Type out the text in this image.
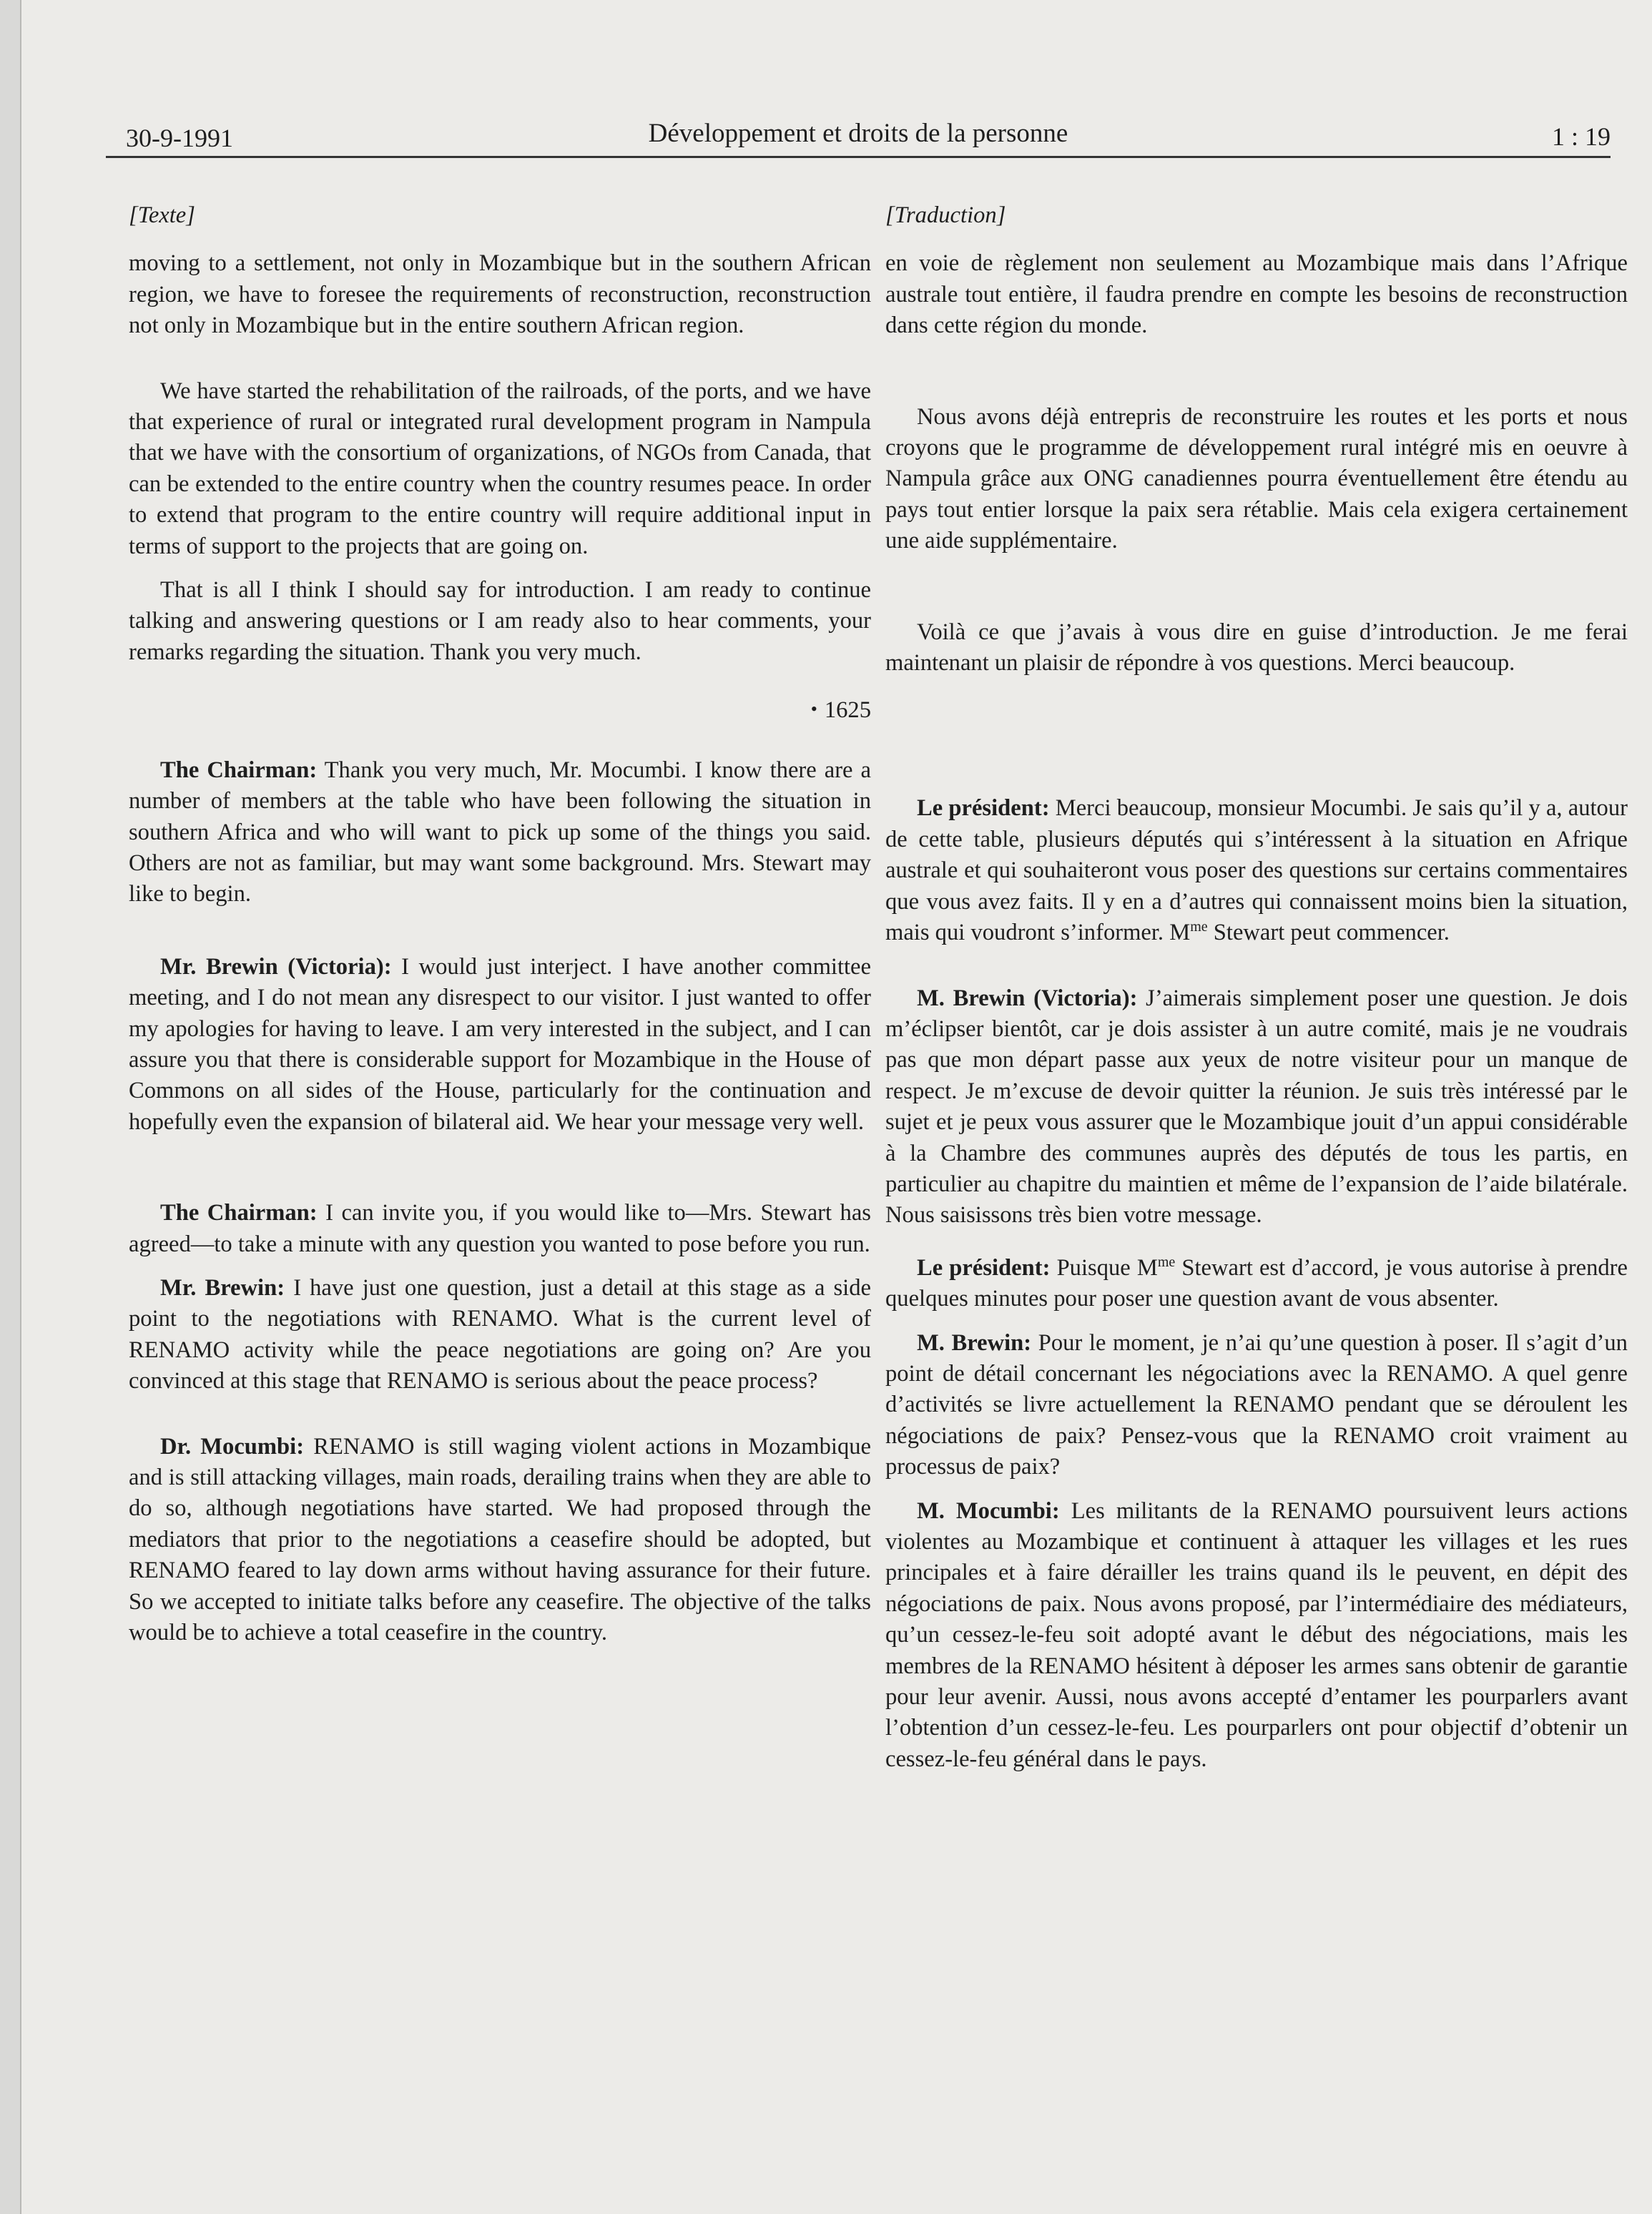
30-9-1991	Développement et droits de la personne	1 : 19
[Texte]

moving to a settlement, not only in Mozambique but in the southern African region, we have to foresee the requirements of reconstruction, reconstruction not only in Mozambique but in the entire southern African region.

We have started the rehabilitation of the railroads, of the ports, and we have that experience of rural or integrated rural development program in Nampula that we have with the consortium of organizations, of NGOs from Canada, that can be extended to the entire country when the country resumes peace. In order to extend that program to the entire country will require additional input in terms of support to the projects that are going on.

That is all I think I should say for introduction. I am ready to continue talking and answering questions or I am ready also to hear comments, your remarks regarding the situation. Thank you very much.

• 1625

The Chairman: Thank you very much, Mr. Mocumbi. I know there are a number of members at the table who have been following the situation in southern Africa and who will want to pick up some of the things you said. Others are not as familiar, but may want some background. Mrs. Stewart may like to begin.

Mr. Brewin (Victoria): I would just interject. I have another committee meeting, and I do not mean any disrespect to our visitor. I just wanted to offer my apologies for having to leave. I am very interested in the subject, and I can assure you that there is considerable support for Mozambique in the House of Commons on all sides of the House, particularly for the continuation and hopefully even the expansion of bilateral aid. We hear your message very well.

The Chairman: I can invite you, if you would like to—Mrs. Stewart has agreed—to take a minute with any question you wanted to pose before you run.

Mr. Brewin: I have just one question, just a detail at this stage as a side point to the negotiations with RENAMO. What is the current level of RENAMO activity while the peace negotiations are going on? Are you convinced at this stage that RENAMO is serious about the peace process?

Dr. Mocumbi: RENAMO is still waging violent actions in Mozambique and is still attacking villages, main roads, derailing trains when they are able to do so, although negotiations have started. We had proposed through the mediators that prior to the negotiations a ceasefire should be adopted, but RENAMO feared to lay down arms without having assurance for their future. So we accepted to initiate talks before any ceasefire. The objective of the talks would be to achieve a total ceasefire in the country.

[Traduction]

en voie de règlement non seulement au Mozambique mais dans l’Afrique australe tout entière, il faudra prendre en compte les besoins de reconstruction dans cette région du monde.

Nous avons déjà entrepris de reconstruire les routes et les ports et nous croyons que le programme de développement rural intégré mis en oeuvre à Nampula grâce aux ONG canadiennes pourra éventuellement être étendu au pays tout entier lorsque la paix sera rétablie. Mais cela exigera certainement une aide supplémentaire.

Voilà ce que j’avais à vous dire en guise d’introduction. Je me ferai maintenant un plaisir de répondre à vos questions. Merci beaucoup.

Le président: Merci beaucoup, monsieur Mocumbi. Je sais qu’il y a, autour de cette table, plusieurs députés qui s’intéressent à la situation en Afrique australe et qui souhaiteront vous poser des questions sur certains commentaires que vous avez faits. Il y en a d’autres qui connaissent moins bien la situation, mais qui voudront s’informer. $M^{me}$ Stewart peut commencer.

M. Brewin (Victoria): J’aimerais simplement poser une question. Je dois m’éclipser bientôt, car je dois assister à un autre comité, mais je ne voudrais pas que mon départ passe aux yeux de notre visiteur pour un manque de respect. Je m’excuse de devoir quitter la réunion. Je suis très intéressé par le sujet et je peux vous assurer que le Mozambique jouit d’un appui considérable à la Chambre des communes auprès des députés de tous les partis, en particulier au chapitre du maintien et même de l’expansion de l’aide bilatérale. Nous saisissons très bien votre message.

Le président: Puisque $M^{me}$ Stewart est d’accord, je vous autorise à prendre quelques minutes pour poser une question avant de vous absenter.

M. Brewin: Pour le moment, je n’ai qu’une question à poser. Il s’agit d’un point de détail concernant les négociations avec la RENAMO. A quel genre d’activités se livre actuellement la RENAMO pendant que se déroulent les négociations de paix? Pensez-vous que la RENAMO croit vraiment au processus de paix?

M. Mocumbi: Les militants de la RENAMO poursuivent leurs actions violentes au Mozambique et continuent à attaquer les villages et les rues principales et à faire dérailler les trains quand ils le peuvent, en dépit des négociations de paix. Nous avons proposé, par l’intermédiaire des médiateurs, qu’un cessez-le-feu soit adopté avant le début des négociations, mais les membres de la RENAMO hésitent à déposer les armes sans obtenir de garantie pour leur avenir. Aussi, nous avons accepté d’entamer les pourparlers avant l’obtention d’un cessez-le-feu. Les pourparlers ont pour objectif d’obtenir un cessez-le-feu général dans le pays.
